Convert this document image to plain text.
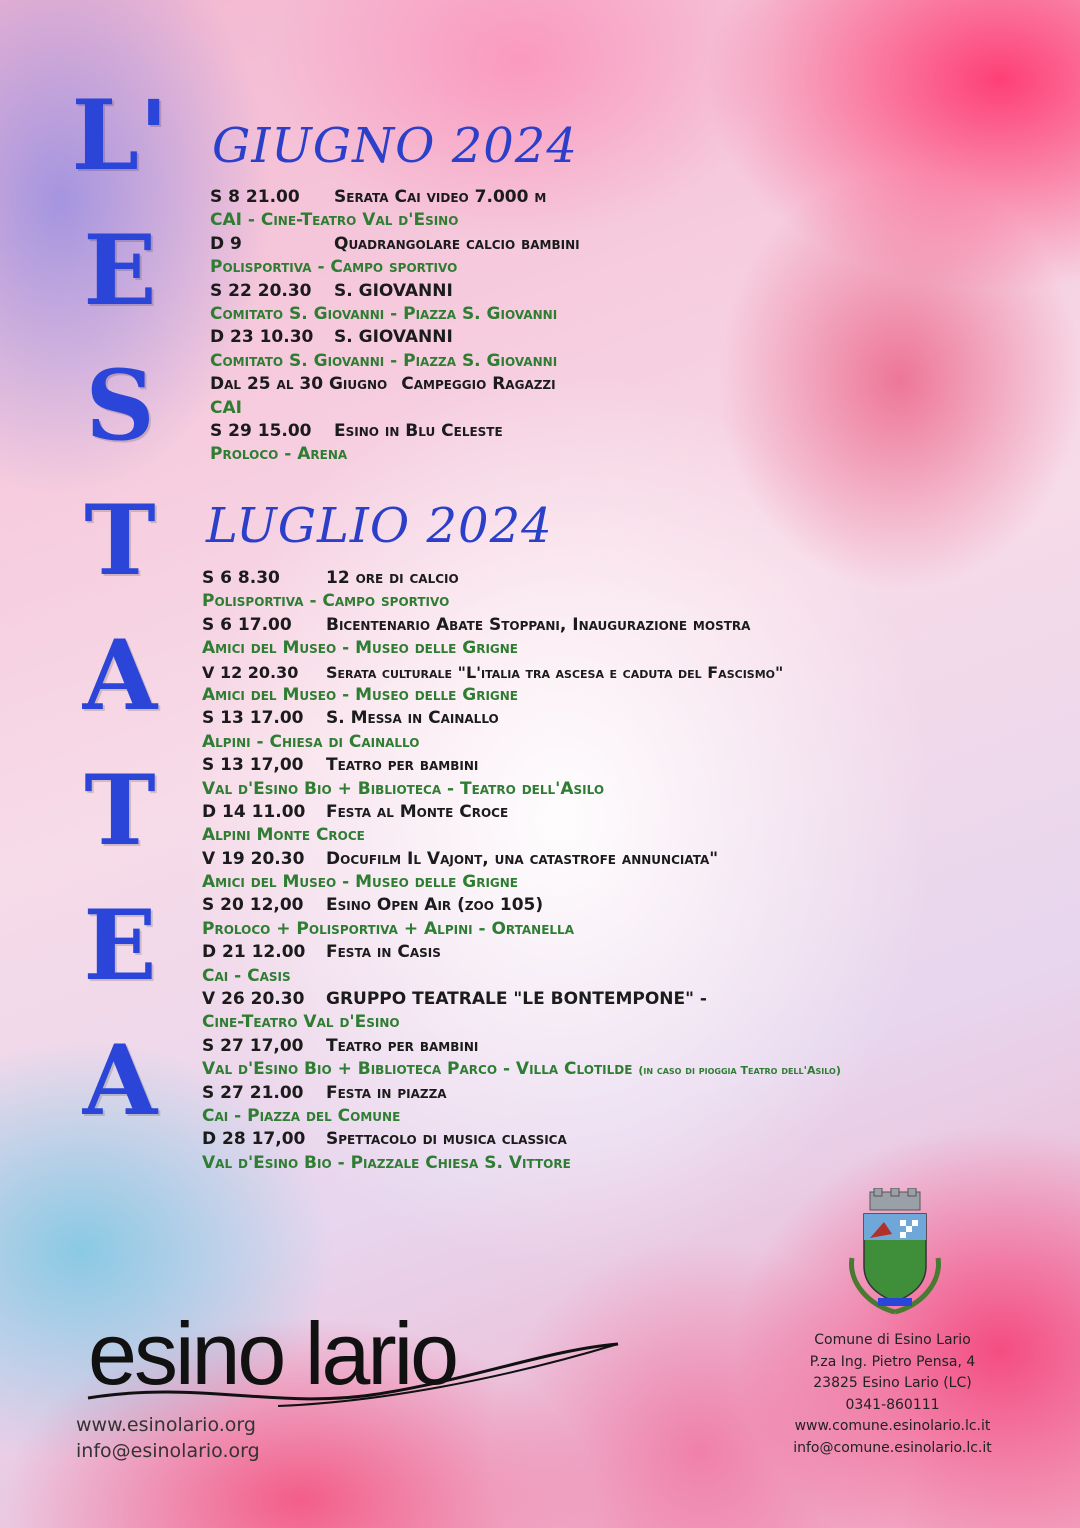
L'
E
S
T
A
T
E
A
GIUGNO 2024
S 8 21.00 Serata Cai video 7.000 m
CAI - Cine-Teatro Val d'Esino
D 9	Quadrangolare calcio bambini
Polisportiva - Campo sportivo
S 22 20.30 S. GIOVANNI
Comitato S. Giovanni - Piazza S. Giovanni
D 23 10.30 S. GIOVANNI
Comitato S. Giovanni - Piazza S. Giovanni
Dal 25 al 30 Giugno Campeggio Ragazzi
CAI
S 29 15.00 Esino in Blu Celeste
Proloco - Arena
LUGLIO 2024
S 6 8.30	12 ore di calcio
Polisportiva - Campo sportivo
S 6 17.00 Bicentenario Abate Stoppani, Inaugurazione mostra
Amici del Museo - Museo delle Grigne
V 12 20.30 Serata culturale "L'italia tra ascesa e caduta del Fascismo"
Amici del Museo - Museo delle Grigne
S 13 17.00 S. Messa in Cainallo
Alpini - Chiesa di Cainallo
S 13 17,00 Teatro per bambini
Val d'Esino Bio + Biblioteca - Teatro dell'Asilo
D 14 11.00 Festa al Monte Croce
Alpini Monte Croce
V 19 20.30 Docufilm Il Vajont, una catastrofe annunciata"
Amici del Museo - Museo delle Grigne
S 20 12,00 Esino Open Air (zoo 105)
Proloco + Polisportiva + Alpini - Ortanella
D 21 12.00 Festa in Casis
Cai - Casis
V 26 20.30 GRUPPO TEATRALE "LE BONTEMPONE" -
Cine-Teatro Val d'Esino
S 27 17,00 Teatro per bambini
Val d'Esino Bio + Biblioteca Parco - Villa Clotilde (in caso di pioggia Teatro dell'Asilo)
S 27 21.00 Festa in piazza
Cai - Piazza del Comune
D 28 17,00 Spettacolo di musica classica
Val d'Esino Bio - Piazzale Chiesa S. Vittore
esino lario
www.esinolario.org
info@esinolario.org
Comune di Esino Lario
P.za Ing. Pietro Pensa, 4
23825 Esino Lario (LC)
0341-860111
www.comune.esinolario.lc.it
info@comune.esinolario.lc.it
